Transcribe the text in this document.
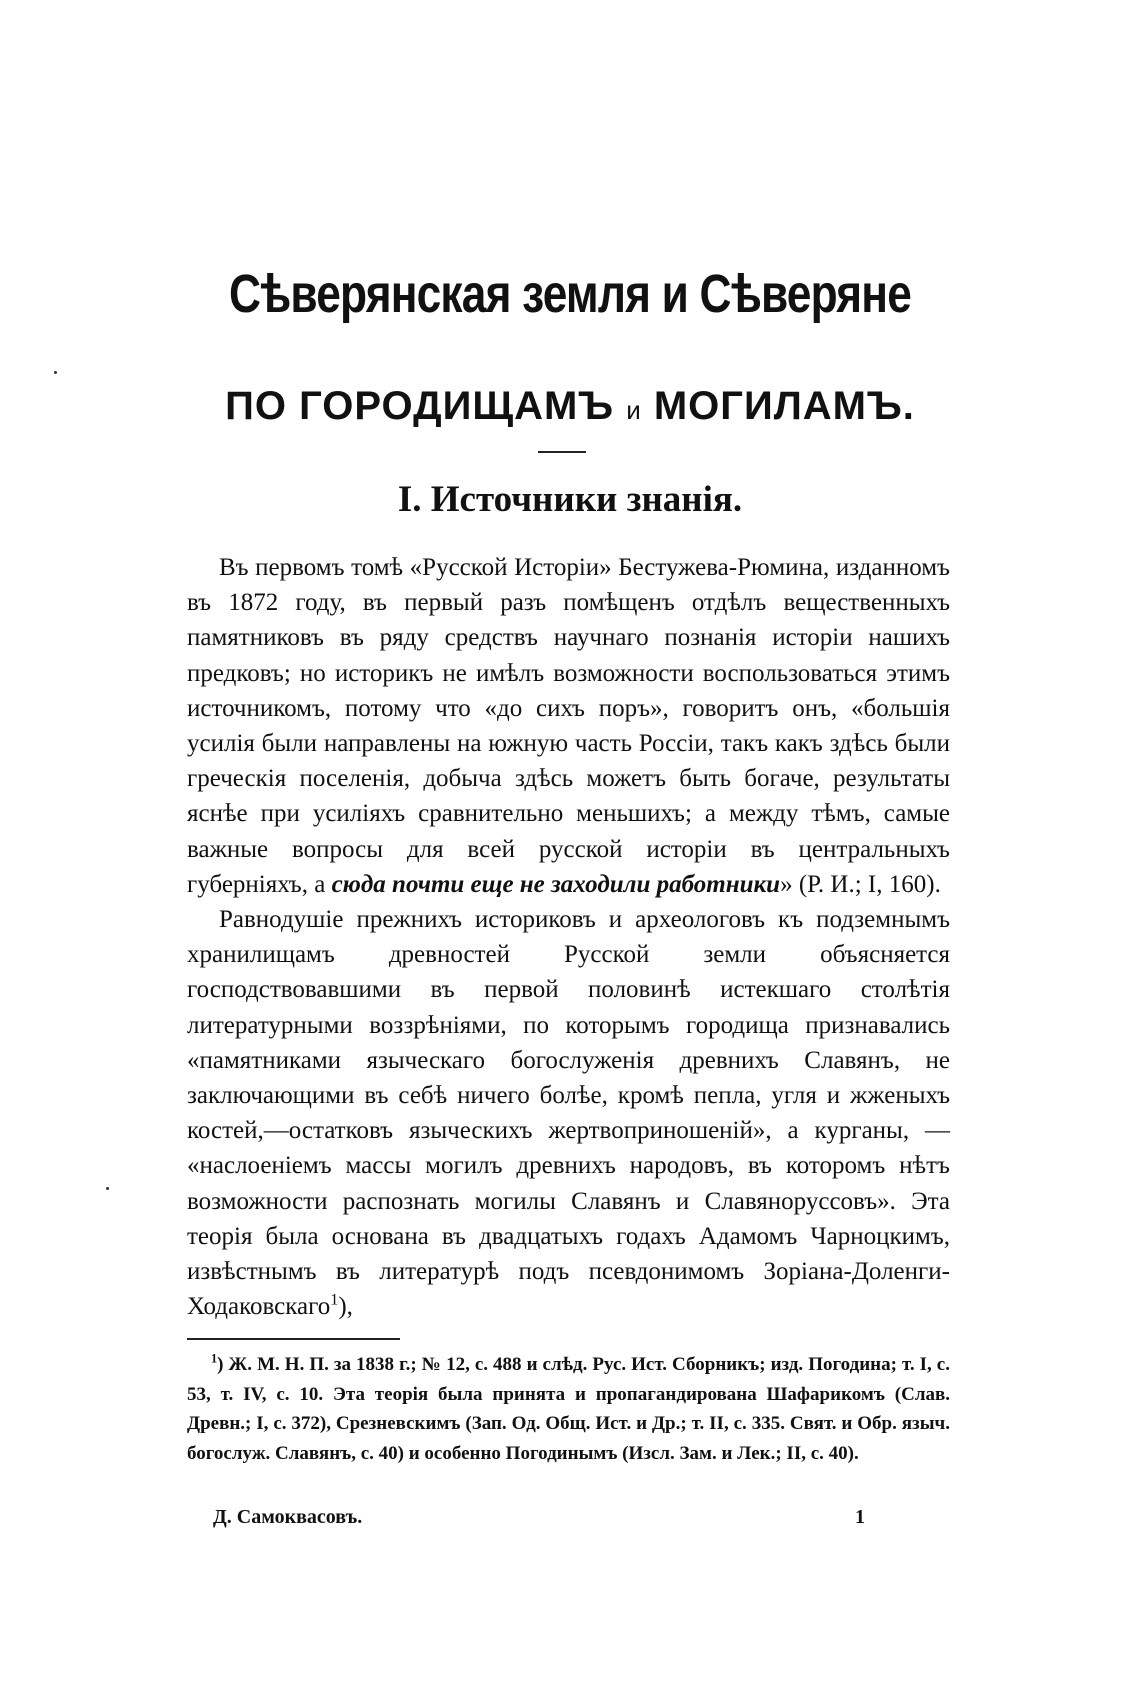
Сѣверянская земля и Сѣверяне
ПО ГОРОДИЩАМЪ и МОГИЛАМЪ.
I. Источники знанія.

Въ первомъ томѣ «Русской Исторіи» Бестужева-Рюмина, изданномъ въ 1872 году, въ первый разъ помѣщенъ отдѣлъ вещественныхъ памятниковъ въ ряду средствъ научнаго познанія исторіи нашихъ предковъ; но историкъ не имѣлъ возможности воспользоваться этимъ источникомъ, потому что «до сихъ поръ», говоритъ онъ, «большія усилія были направлены на южную часть Россіи, такъ какъ здѣсь были греческія поселенія, добыча здѣсь можетъ быть богаче, результаты яснѣе при усиліяхъ сравнительно меньшихъ; а между тѣмъ, самые важные вопросы для всей русской исторіи въ центральныхъ губерніяхъ, а сюда почти еще не заходили работники» (Р. И.; I, 160).

Равнодушіе прежнихъ историковъ и археологовъ къ подземнымъ хранилищамъ древностей Русской земли объясняется господствовавшими въ первой половинѣ истекшаго столѣтія литературными воззрѣніями, по которымъ городища признавались «памятниками языческаго богослуженія древнихъ Славянъ, не заключающими въ себѣ ничего болѣе, кромѣ пепла, угля и жженыхъ костей,—остатковъ языческихъ жертвоприношеній», а курганы, — «наслоеніемъ массы могилъ древнихъ народовъ, въ которомъ нѣтъ возможности распознать могилы Славянъ и Славянорусcовъ». Эта теорія была основана въ двадцатыхъ годахъ Адамомъ Чарноцкимъ, извѣстнымъ въ литературѣ подъ псевдонимомъ Зоріана-Доленги-Ходаковскаго$^1$),

$^1$) Ж. М. Н. П. за 1838 г.; № 12, с. 488 и слѣд. Рус. Ист. Сборникъ; изд. Погодина; т. I, с. 53, т. IV, с. 10. Эта теорія была принята и пропагандирована Шафарикомъ (Слав. Древн.; I, с. 372), Срезневскимъ (Зап. Од. Общ. Ист. и Др.; т. II, с. 335. Свят. и Обр. языч. богослуж. Славянъ, с. 40) и особенно Погодинымъ (Изсл. Зам. и Лек.; II, с. 40).

Д. Самоквасовъ.	1
